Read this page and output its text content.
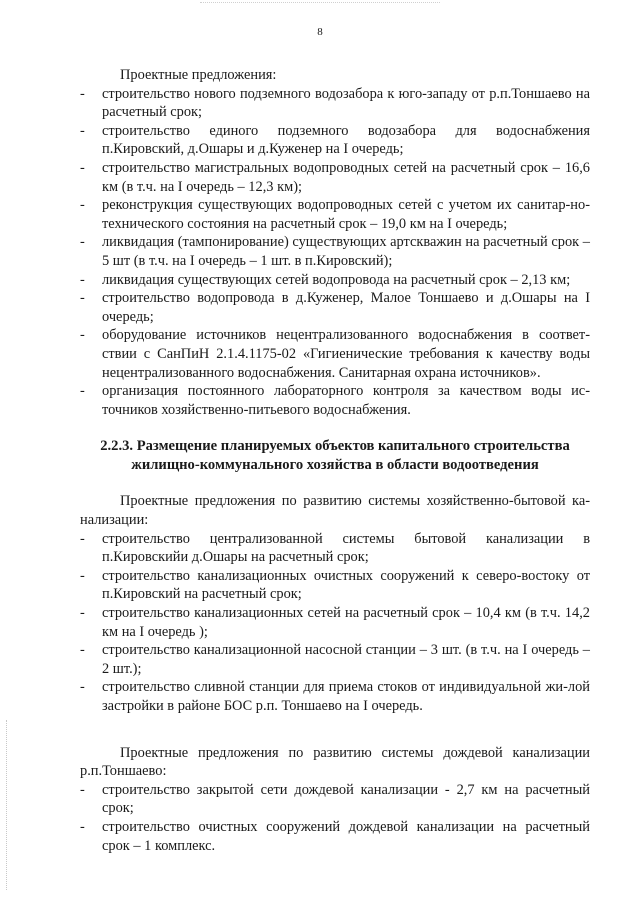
8

Проектные предложения:

- строительство нового подземного водозабора к юго-западу от р.п.Тоншаево на расчетный срок;
- строительство единого подземного водозабора для водоснабжения п.Кировский, д.Ошары и д.Куженер на I очередь;
- строительство магистральных водопроводных сетей на расчетный срок – 16,6 км (в т.ч. на I очередь – 12,3 км);
- реконструкция существующих водопроводных сетей с учетом их санитар-но-технического состояния на расчетный срок – 19,0 км на I очередь;
- ликвидация (тампонирование) существующих артскважин на расчетный срок – 5 шт (в т.ч. на I очередь – 1 шт. в п.Кировский);
- ликвидация существующих сетей водопровода на расчетный срок – 2,13 км;
- строительство водопровода в д.Куженер, Малое Тоншаево и д.Ошары на I очередь;
- оборудование источников нецентрализованного водоснабжения в соответ-ствии с СанПиН 2.1.4.1175-02 «Гигиенические требования к качеству воды нецентрализованного водоснабжения. Санитарная охрана источников».
- организация постоянного лабораторного контроля за качеством воды ис-точников хозяйственно-питьевого водоснабжения.
2.2.3. Размещение планируемых объектов капитального строительства
жилищно-коммунального хозяйства в области водоотведения

Проектные предложения по развитию системы хозяйственно-бытовой ка-нализации:

- строительство централизованной системы бытовой канализации в п.Кировскийи д.Ошары на расчетный срок;
- строительство канализационных очистных сооружений к северо-востоку от п.Кировский на расчетный срок;
- строительство канализационных сетей на расчетный срок – 10,4 км (в т.ч. 14,2 км на I очередь );
- строительство канализационной насосной станции – 3 шт. (в т.ч. на I очередь – 2 шт.);
- строительство сливной станции для приема стоков от индивидуальной жи-лой застройки в районе БОС р.п. Тоншаево на I очередь.

Проектные предложения по развитию системы дождевой канализации р.п.Тоншаево:

- строительство закрытой сети дождевой канализации - 2,7 км на расчетный срок;
- строительство очистных сооружений дождевой канализации на расчетный срок – 1 комплекс.
